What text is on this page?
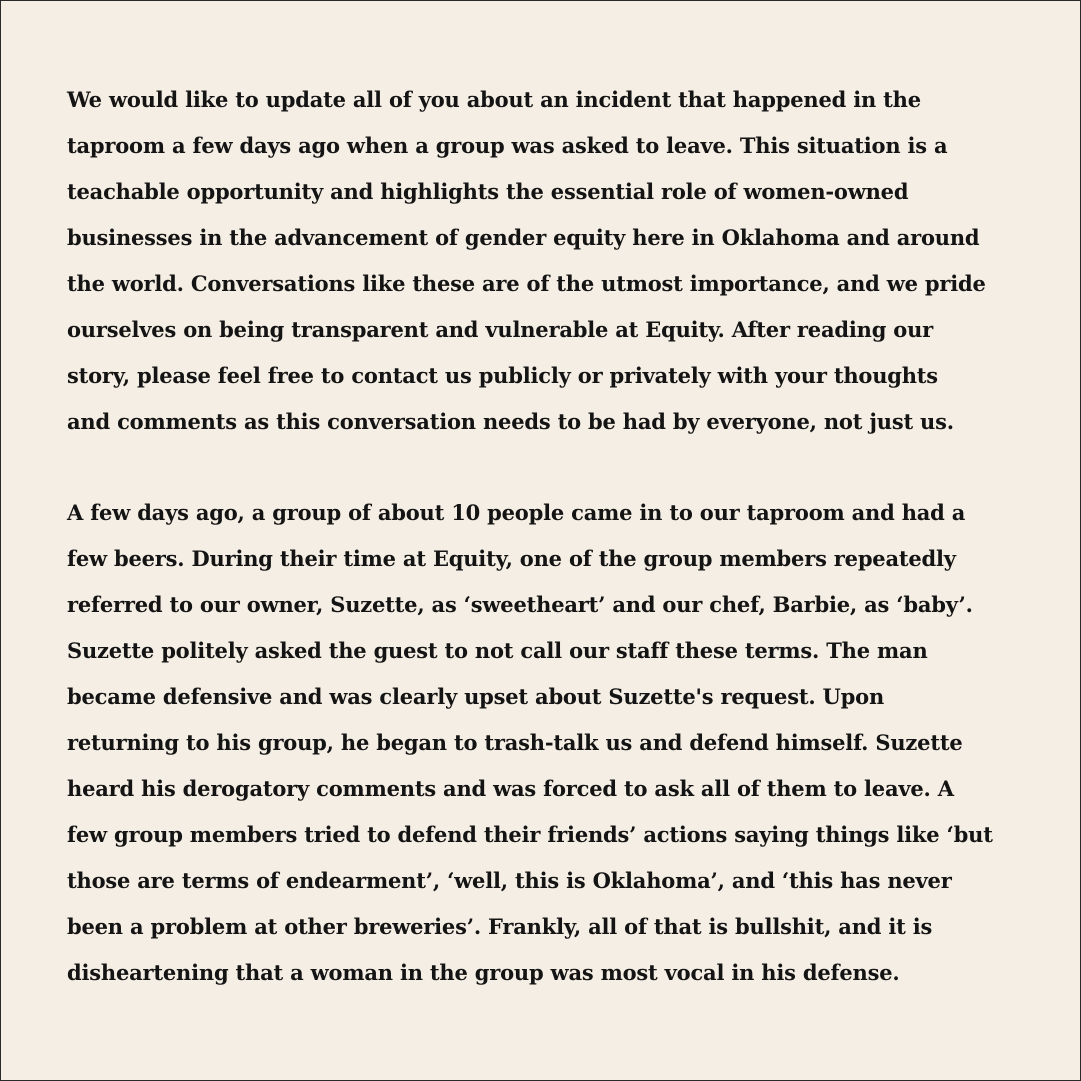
We would like to update all of you about an incident that happened in the
taproom a few days ago when a group was asked to leave. This situation is a
teachable opportunity and highlights the essential role of women-owned
businesses in the advancement of gender equity here in Oklahoma and around
the world. Conversations like these are of the utmost importance, and we pride
ourselves on being transparent and vulnerable at Equity. After reading our
story, please feel free to contact us publicly or privately with your thoughts
and comments as this conversation needs to be had by everyone, not just us.

A few days ago, a group of about 10 people came in to our taproom and had a
few beers. During their time at Equity, one of the group members repeatedly
referred to our owner, Suzette, as ‘sweetheart’ and our chef, Barbie, as ‘baby’.
Suzette politely asked the guest to not call our staff these terms. The man
became defensive and was clearly upset about Suzette's request. Upon
returning to his group, he began to trash-talk us and defend himself. Suzette
heard his derogatory comments and was forced to ask all of them to leave. A
few group members tried to defend their friends’ actions saying things like ‘but
those are terms of endearment’, ‘well, this is Oklahoma’, and ‘this has never
been a problem at other breweries’. Frankly, all of that is bullshit, and it is
disheartening that a woman in the group was most vocal in his defense.
